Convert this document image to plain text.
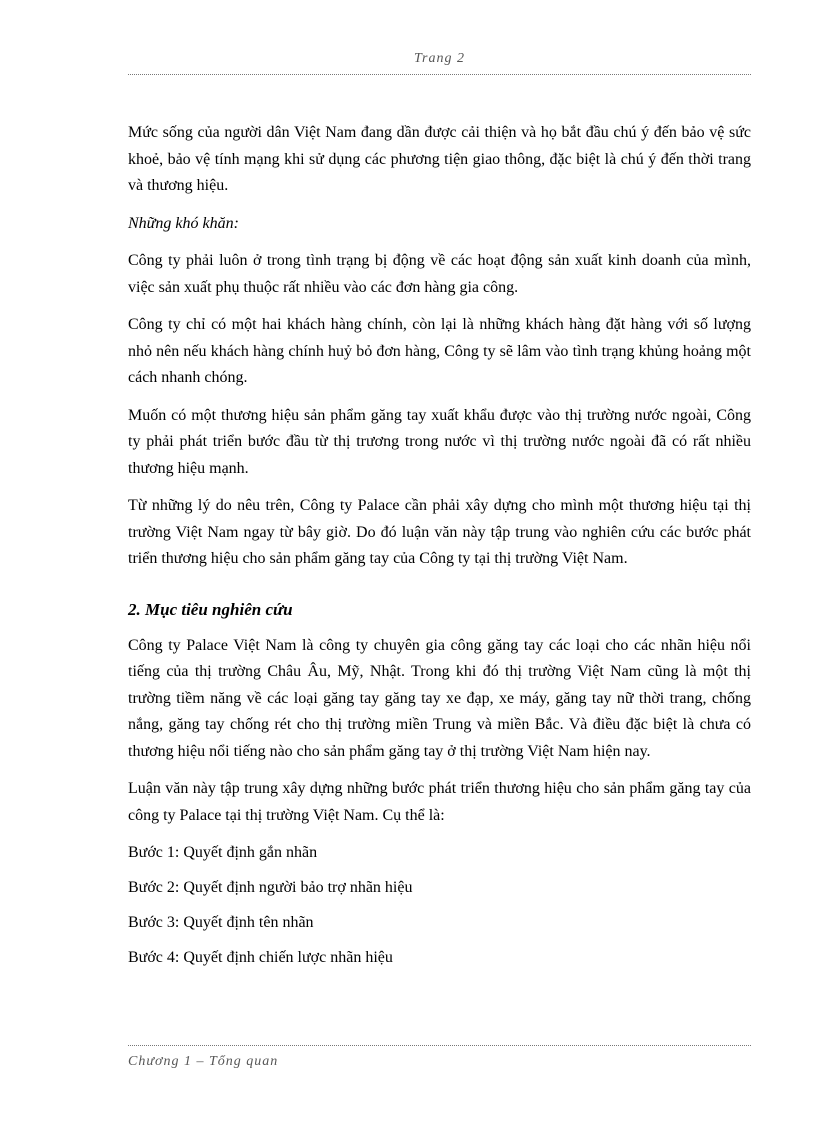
Trang 2

Mức sống của người dân Việt Nam đang dần được cải thiện và họ bắt đầu chú ý đến bảo vệ sức khoẻ, bảo vệ tính mạng khi sử dụng các phương tiện giao thông, đặc biệt là chú ý đến thời trang và thương hiệu.

Những khó khăn:

Công ty phải luôn ở trong tình trạng bị động về các hoạt động sản xuất kinh doanh của mình, việc sản xuất phụ thuộc rất nhiều vào các đơn hàng gia công.

Công ty chỉ có một hai khách hàng chính, còn lại là những khách hàng đặt hàng với số lượng nhỏ nên nếu khách hàng chính huỷ bỏ đơn hàng, Công ty sẽ lâm vào tình trạng khủng hoảng một cách nhanh chóng.

Muốn có một thương hiệu sản phẩm găng tay xuất khẩu được vào thị trường nước ngoài, Công ty phải phát triển bước đầu từ thị trương trong nước vì thị trường nước ngoài đã có rất nhiều thương hiệu mạnh.

Từ những lý do nêu trên, Công ty Palace cần phải xây dựng cho mình một thương hiệu tại thị trường Việt Nam ngay từ bây giờ. Do đó luận văn này tập trung vào nghiên cứu các bước phát triển thương hiệu cho sản phẩm găng tay của Công ty tại thị trường Việt Nam.

2. Mục tiêu nghiên cứu

Công ty Palace Việt Nam là công ty chuyên gia công găng tay các loại cho các nhãn hiệu nổi tiếng của thị trường Châu Âu, Mỹ, Nhật. Trong khi đó thị trường Việt Nam cũng là một thị trường tiềm năng về các loại găng tay găng tay xe đạp, xe máy, găng tay nữ thời trang, chống nắng, găng tay chống rét cho thị trường miền Trung và miền Bắc. Và điều đặc biệt là chưa có thương hiệu nổi tiếng nào cho sản phẩm găng tay ở thị trường Việt Nam hiện nay.

Luận văn này tập trung xây dựng những bước phát triển thương hiệu cho sản phẩm găng tay của công ty Palace tại thị trường Việt Nam. Cụ thể là:

Bước 1: Quyết định gắn nhãn

Bước 2: Quyết định người bảo trợ nhãn hiệu

Bước 3: Quyết định tên nhãn

Bước 4: Quyết định chiến lược nhãn hiệu

Chương 1 – Tổng quan
